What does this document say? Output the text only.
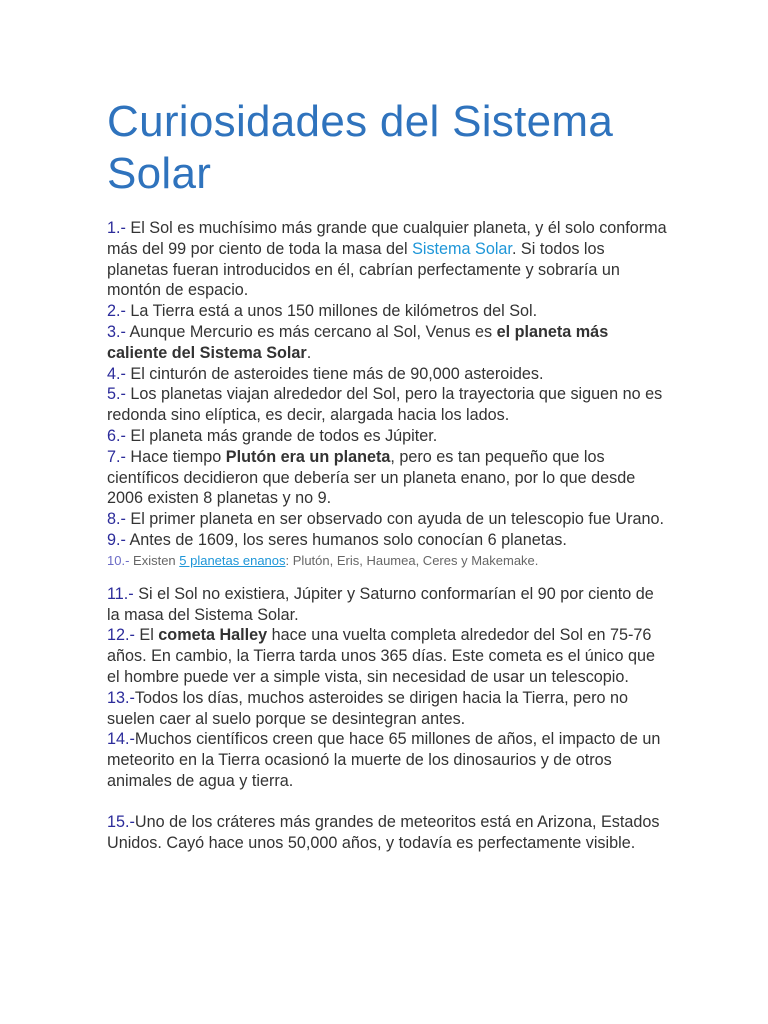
Curiosidades del Sistema Solar

1.- El Sol es muchísimo más grande que cualquier planeta, y él solo conforma más del 99 por ciento de toda la masa del Sistema Solar. Si todos los planetas fueran introducidos en él, cabrían perfectamente y sobraría un montón de espacio.

2.- La Tierra está a unos 150 millones de kilómetros del Sol.

3.- Aunque Mercurio es más cercano al Sol, Venus es el planeta más caliente del Sistema Solar.

4.- El cinturón de asteroides tiene más de 90,000 asteroides.

5.- Los planetas viajan alrededor del Sol, pero la trayectoria que siguen no es redonda sino elíptica, es decir, alargada hacia los lados.

6.- El planeta más grande de todos es Júpiter.

7.- Hace tiempo Plutón era un planeta, pero es tan pequeño que los científicos decidieron que debería ser un planeta enano, por lo que desde 2006 existen 8 planetas y no 9.

8.- El primer planeta en ser observado con ayuda de un telescopio fue Urano.

9.- Antes de 1609, los seres humanos solo conocían 6 planetas.

10.- Existen 5 planetas enanos: Plutón, Eris, Haumea, Ceres y Makemake.

11.- Si el Sol no existiera, Júpiter y Saturno conformarían el 90 por ciento de la masa del Sistema Solar.

12.- El cometa Halley hace una vuelta completa alrededor del Sol en 75-76 años. En cambio, la Tierra tarda unos 365 días. Este cometa es el único que el hombre puede ver a simple vista, sin necesidad de usar un telescopio.

13.-Todos los días, muchos asteroides se dirigen hacia la Tierra, pero no suelen caer al suelo porque se desintegran antes.

14.-Muchos científicos creen que hace 65 millones de años, el impacto de un meteorito en la Tierra ocasionó la muerte de los dinosaurios y de otros animales de agua y tierra.

15.-Uno de los cráteres más grandes de meteoritos está en Arizona, Estados Unidos. Cayó hace unos 50,000 años, y todavía es perfectamente visible.
